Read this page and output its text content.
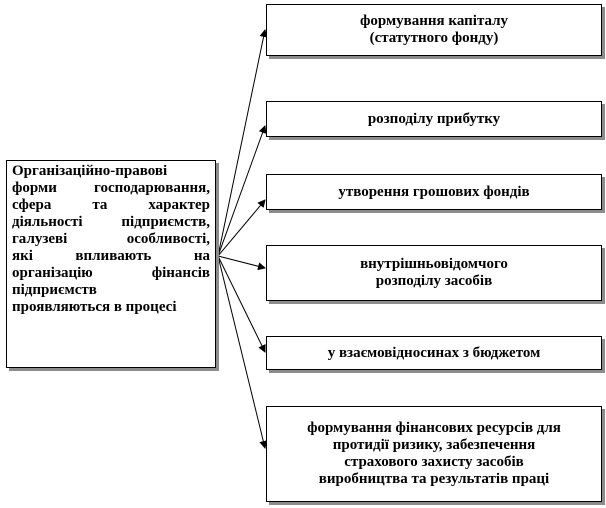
Організаційно-правові
форми господарювання,
сфера та характер
діяльності підприємств,
галузеві особливості,
які впливають на
організацію фінансів
підприємств
проявляються в процесі
формування капіталу
(статутного фонду)
розподілу прибутку
утворення грошових фондів
внутрішньовідомчого
розподілу засобів
у взаємовідносинах з бюджетом
формування фінансових ресурсів для
протидії ризику, забезпечення
страхового захисту засобів
виробництва та результатів праці
